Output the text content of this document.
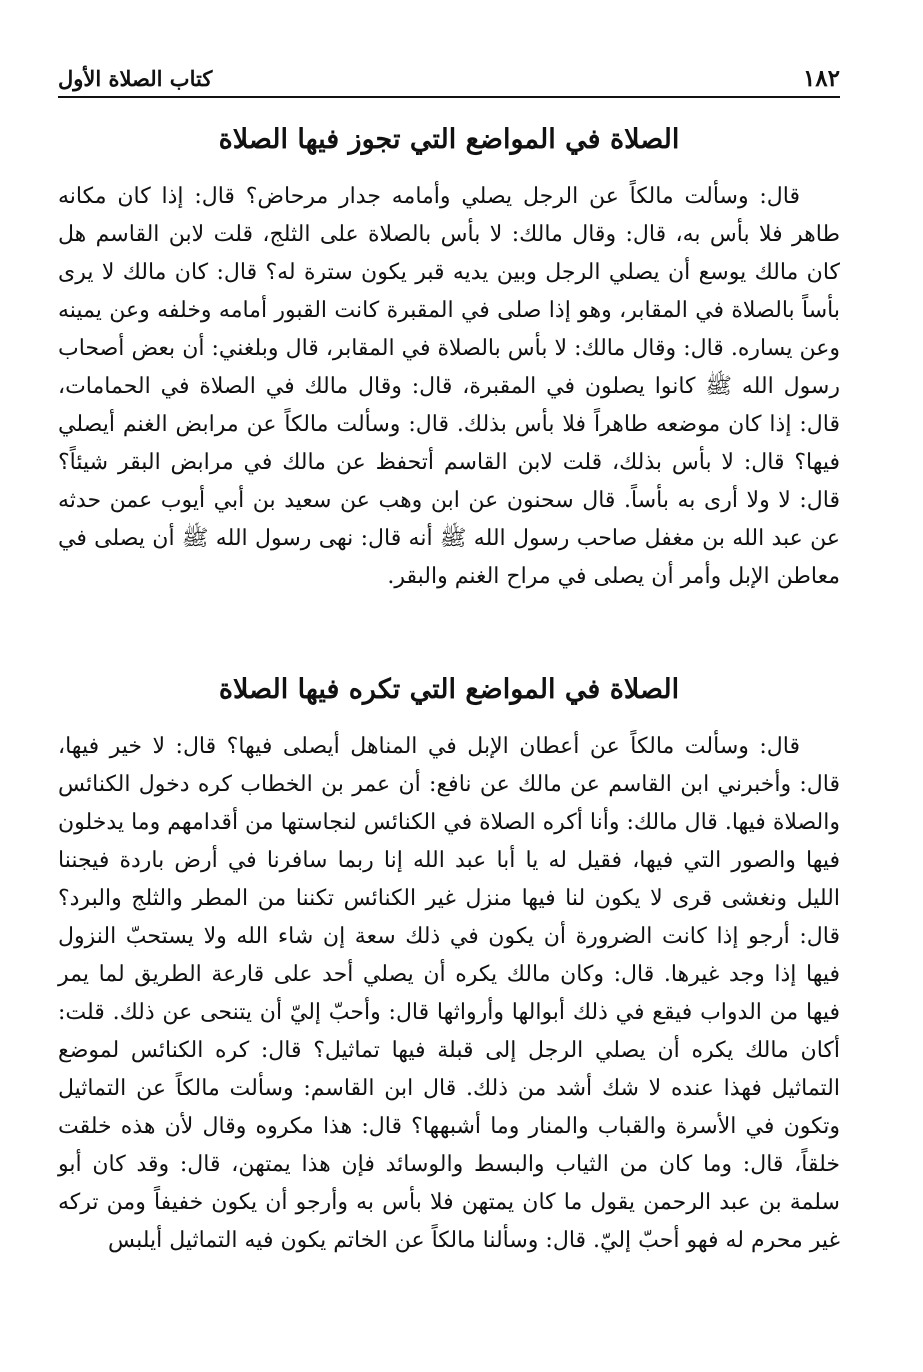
١٨٢
كتاب الصلاة الأول
الصلاة في المواضع التي تجوز فيها الصلاة

قال: وسألت مالكاً عن الرجل يصلي وأمامه جدار مرحاض؟ قال: إذا كان مكانه طاهر فلا بأس به، قال: وقال مالك: لا بأس بالصلاة على الثلج، قلت لابن القاسم هل كان مالك يوسع أن يصلي الرجل وبين يديه قبر يكون سترة له؟ قال: كان مالك لا يرى بأساً بالصلاة في المقابر، وهو إذا صلى في المقبرة كانت القبور أمامه وخلفه وعن يمينه وعن يساره. قال: وقال مالك: لا بأس بالصلاة في المقابر، قال وبلغني: أن بعض أصحاب رسول الله ﷺ كانوا يصلون في المقبرة، قال: وقال مالك في الصلاة في الحمامات، قال: إذا كان موضعه طاهراً فلا بأس بذلك. قال: وسألت مالكاً عن مرابض الغنم أيصلي فيها؟ قال: لا بأس بذلك، قلت لابن القاسم أتحفظ عن مالك في مرابض البقر شيئاً؟ قال: لا ولا أرى به بأساً. قال سحنون عن ابن وهب عن سعيد بن أبي أيوب عمن حدثه عن عبد الله بن مغفل صاحب رسول الله ﷺ أنه قال: نهى رسول الله ﷺ أن يصلى في معاطن الإبل وأمر أن يصلى في مراح الغنم والبقر.

الصلاة في المواضع التي تكره فيها الصلاة

قال: وسألت مالكاً عن أعطان الإبل في المناهل أيصلى فيها؟ قال: لا خير فيها، قال: وأخبرني ابن القاسم عن مالك عن نافع: أن عمر بن الخطاب كره دخول الكنائس والصلاة فيها. قال مالك: وأنا أكره الصلاة في الكنائس لنجاستها من أقدامهم وما يدخلون فيها والصور التي فيها، فقيل له يا أبا عبد الله إنا ربما سافرنا في أرض باردة فيجننا الليل ونغشى قرى لا يكون لنا فيها منزل غير الكنائس تكننا من المطر والثلج والبرد؟ قال: أرجو إذا كانت الضرورة أن يكون في ذلك سعة إن شاء الله ولا يستحبّ النزول فيها إذا وجد غيرها. قال: وكان مالك يكره أن يصلي أحد على قارعة الطريق لما يمر فيها من الدواب فيقع في ذلك أبوالها وأرواثها قال: وأحبّ إليّ أن يتنحى عن ذلك. قلت: أكان مالك يكره أن يصلي الرجل إلى قبلة فيها تماثيل؟ قال: كره الكنائس لموضع التماثيل فهذا عنده لا شك أشد من ذلك. قال ابن القاسم: وسألت مالكاً عن التماثيل وتكون في الأسرة والقباب والمنار وما أشبهها؟ قال: هذا مكروه وقال لأن هذه خلقت خلقاً، قال: وما كان من الثياب والبسط والوسائد فإن هذا يمتهن، قال: وقد كان أبو سلمة بن عبد الرحمن يقول ما كان يمتهن فلا بأس به وأرجو أن يكون خفيفاً ومن تركه غير محرم له فهو أحبّ إليّ. قال: وسألنا مالكاً عن الخاتم يكون فيه التماثيل أيلبس
